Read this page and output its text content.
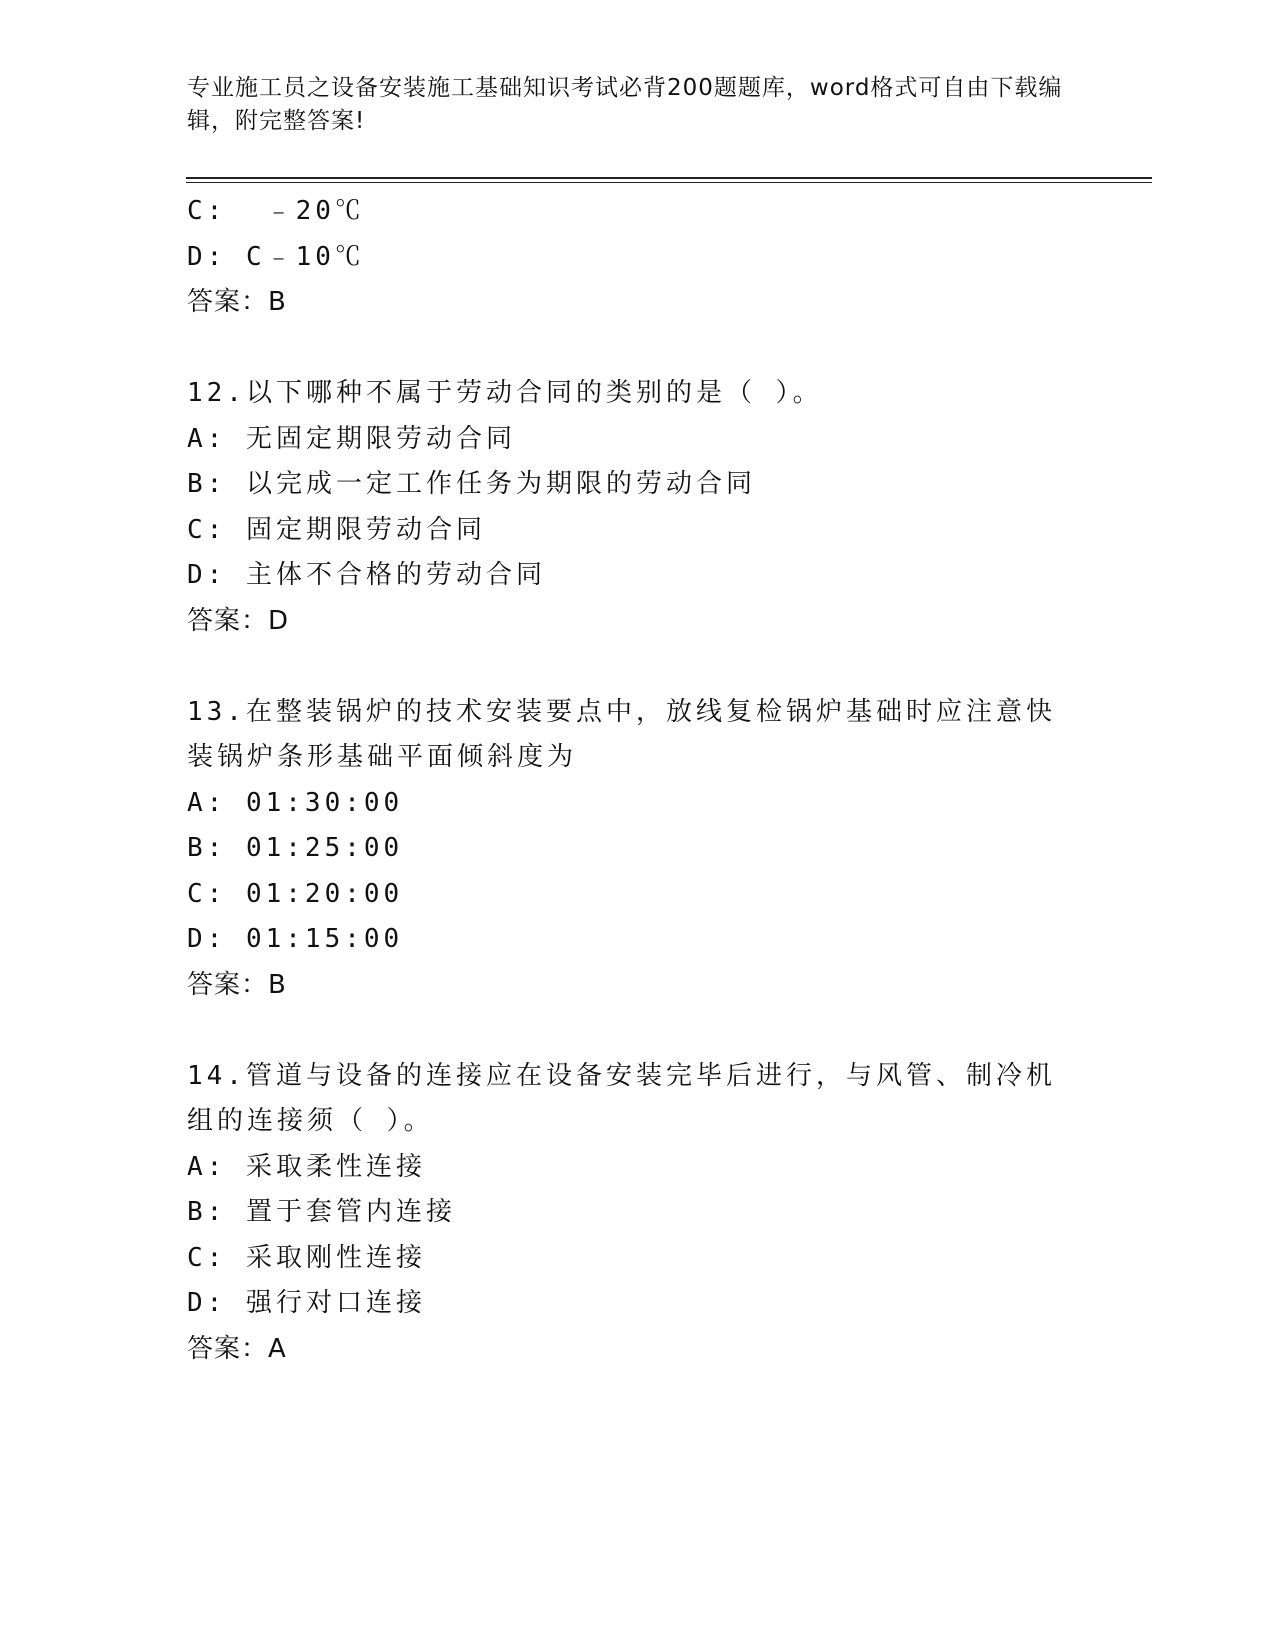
专业施工员之设备安装施工基础知识考试必背200题题库，word格式可自由下载编辑，附完整答案!

C:  ﹣20℃

D: C﹣10℃

答案：B

12.以下哪种不属于劳动合同的类别的是（ ）。

A: 无固定期限劳动合同

B: 以完成一定工作任务为期限的劳动合同

C: 固定期限劳动合同

D: 主体不合格的劳动合同

答案：D

13.在整装锅炉的技术安装要点中，放线复检锅炉基础时应注意快装锅炉条形基础平面倾斜度为

A: 01:30:00

B: 01:25:00

C: 01:20:00

D: 01:15:00

答案：B

14.管道与设备的连接应在设备安装完毕后进行，与风管、制冷机组的连接须（ ）。

A: 采取柔性连接

B: 置于套管内连接

C: 采取刚性连接

D: 强行对口连接

答案：A
